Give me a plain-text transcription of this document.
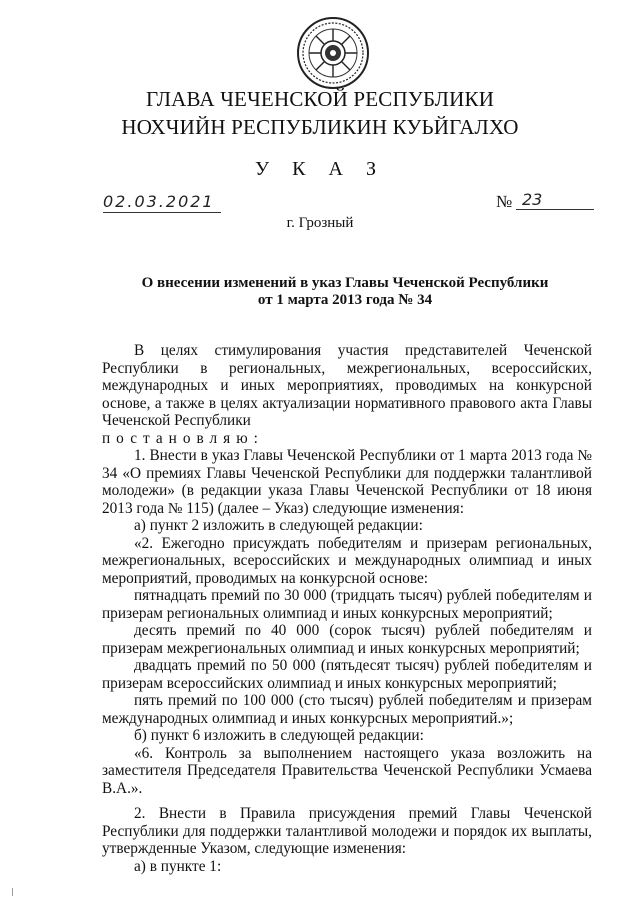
ГЛАВА ЧЕЧЕНСКОЙ РЕСПУБЛИКИ
НОХЧИЙН РЕСПУБЛИКИН КУЬЙГАЛХО
У К А З
02.03.2021	№ 23
г. Грозный
О внесении изменений в указ Главы Чеченской Республики
от 1 марта 2013 года № 34

В целях стимулирования участия представителей Чеченской Республики в региональных, межрегиональных, всероссийских, международных и иных мероприятиях, проводимых на конкурсной основе, а также в целях актуализации нормативного правового акта Главы Чеченской Республики

постановляю:

1. Внести в указ Главы Чеченской Республики от 1 марта 2013 года № 34 «О премиях Главы Чеченской Республики для поддержки талантливой молодежи» (в редакции указа Главы Чеченской Республики от 18 июня 2013 года № 115) (далее – Указ) следующие изменения:

а) пункт 2 изложить в следующей редакции:

«2. Ежегодно присуждать победителям и призерам региональных, межрегиональных, всероссийских и международных олимпиад и иных мероприятий, проводимых на конкурсной основе:

пятнадцать премий по 30 000 (тридцать тысяч) рублей победителям и призерам региональных олимпиад и иных конкурсных мероприятий;

десять премий по 40 000 (сорок тысяч) рублей победителям и призерам межрегиональных олимпиад и иных конкурсных мероприятий;

двадцать премий по 50 000 (пятьдесят тысяч) рублей победителям и призерам всероссийских олимпиад и иных конкурсных мероприятий;

пять премий по 100 000 (сто тысяч) рублей победителям и призерам международных олимпиад и иных конкурсных мероприятий.»;

б) пункт 6 изложить в следующей редакции:

«6. Контроль за выполнением настоящего указа возложить на заместителя Председателя Правительства Чеченской Республики Усмаева В.А.».

2. Внести в Правила присуждения премий Главы Чеченской Республики для поддержки талантливой молодежи и порядок их выплаты, утвержденные Указом, следующие изменения:

а) в пункте 1:
